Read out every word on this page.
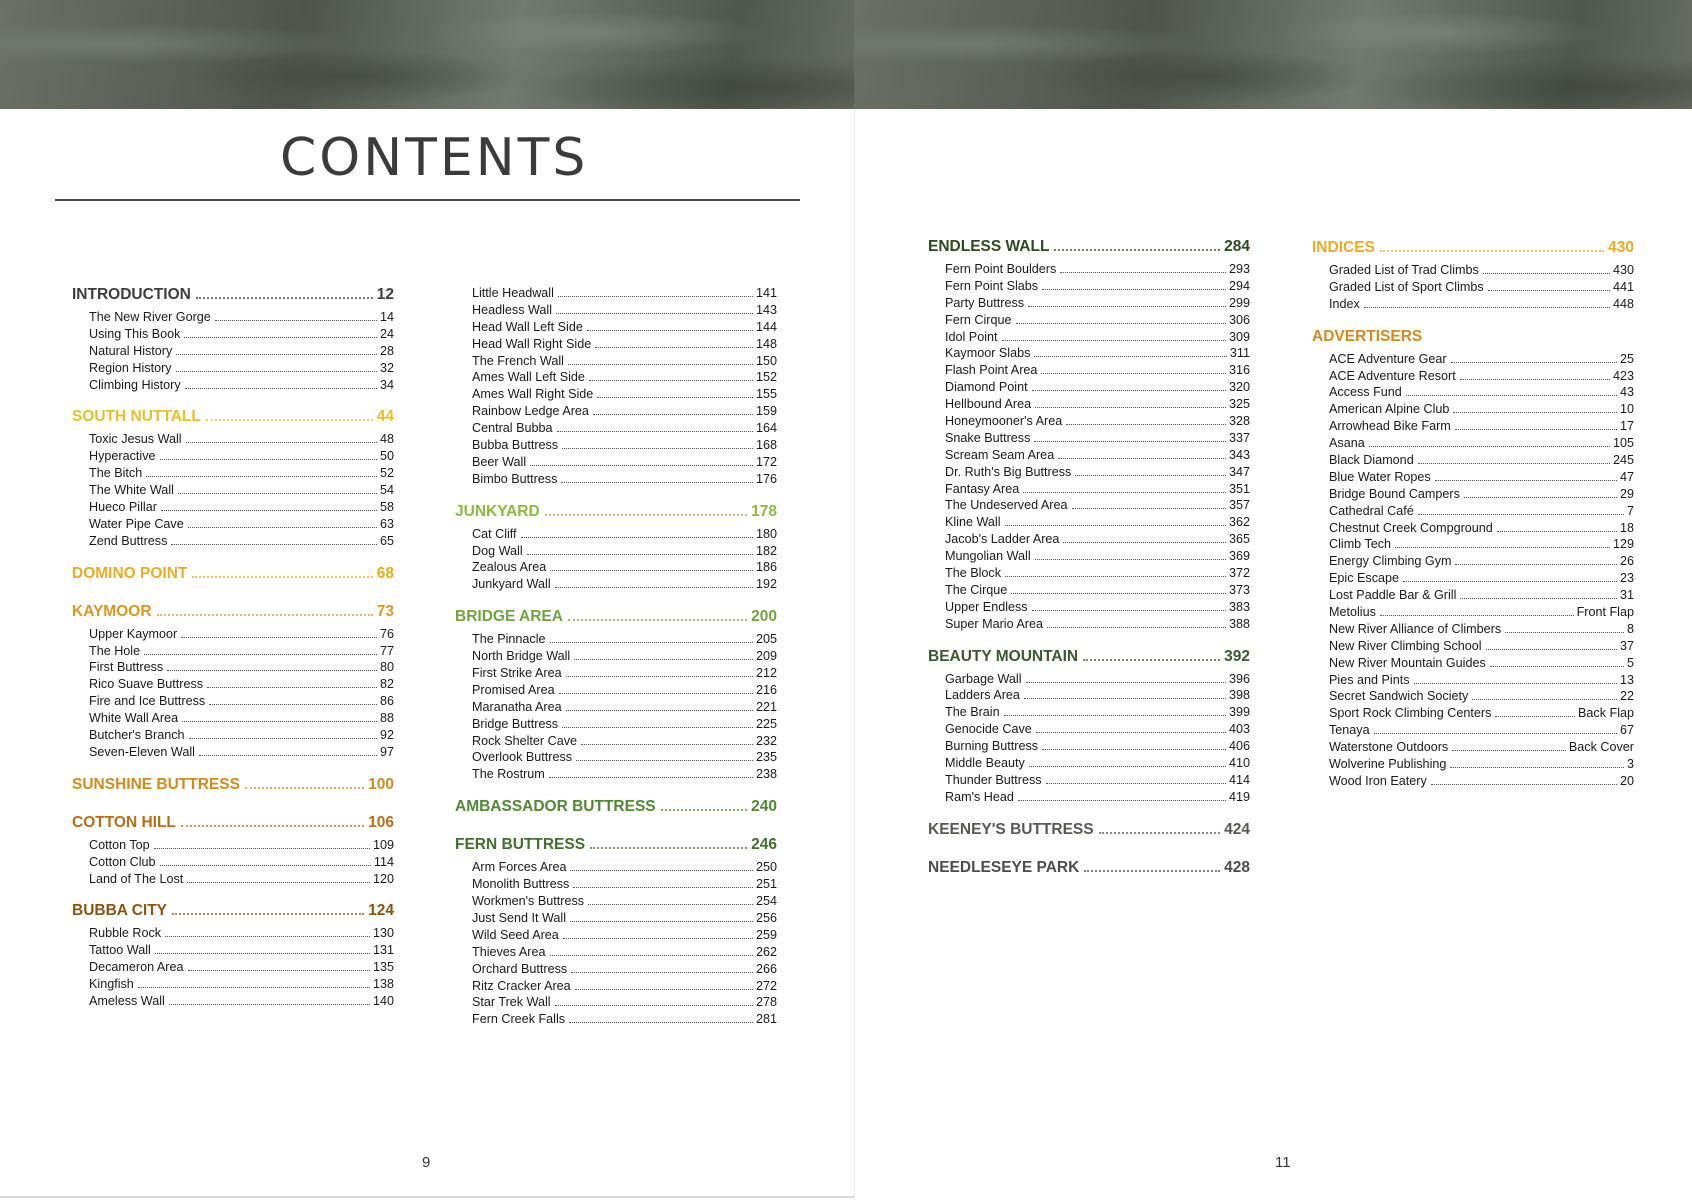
CONTENTS
INTRODUCTION	12
The New River Gorge	14
Using This Book	24
Natural History	28
Region History	32
Climbing History	34
SOUTH NUTTALL	44
Toxic Jesus Wall	48
Hyperactive	50
The Bitch	52
The White Wall	54
Hueco Pillar	58
Water Pipe Cave	63
Zend Buttress	65
DOMINO POINT	68
KAYMOOR	73
Upper Kaymoor	76
The Hole	77
First Buttress	80
Rico Suave Buttress	82
Fire and Ice Buttress	86
White Wall Area	88
Butcher's Branch	92
Seven-Eleven Wall	97
SUNSHINE BUTTRESS	100
COTTON HILL	106
Cotton Top	109
Cotton Club	114
Land of The Lost	120
BUBBA CITY	124
Rubble Rock	130
Tattoo Wall	131
Decameron Area	135
Kingfish	138
Ameless Wall	140
Little Headwall	141
Headless Wall	143
Head Wall Left Side	144
Head Wall Right Side	148
The French Wall	150
Ames Wall Left Side	152
Ames Wall Right Side	155
Rainbow Ledge Area	159
Central Bubba	164
Bubba Buttress	168
Beer Wall	172
Bimbo Buttress	176
JUNKYARD	178
Cat Cliff	180
Dog Wall	182
Zealous Area	186
Junkyard Wall	192
BRIDGE AREA	200
The Pinnacle	205
North Bridge Wall	209
First Strike Area	212
Promised Area	216
Maranatha Area	221
Bridge Buttress	225
Rock Shelter Cave	232
Overlook Buttress	235
The Rostrum	238
AMBASSADOR BUTTRESS	240
FERN BUTTRESS	246
Arm Forces Area	250
Monolith Buttress	251
Workmen's Buttress	254
Just Send It Wall	256
Wild Seed Area	259
Thieves Area	262
Orchard Buttress	266
Ritz Cracker Area	272
Star Trek Wall	278
Fern Creek Falls	281
ENDLESS WALL	284
Fern Point Boulders	293
Fern Point Slabs	294
Party Buttress	299
Fern Cirque	306
Idol Point	309
Kaymoor Slabs	311
Flash Point Area	316
Diamond Point	320
Hellbound Area	325
Honeymooner's Area	328
Snake Buttress	337
Scream Seam Area	343
Dr. Ruth's Big Buttress	347
Fantasy Area	351
The Undeserved Area	357
Kline Wall	362
Jacob's Ladder Area	365
Mungolian Wall	369
The Block	372
The Cirque	373
Upper Endless	383
Super Mario Area	388
BEAUTY MOUNTAIN	392
Garbage Wall	396
Ladders Area	398
The Brain	399
Genocide Cave	403
Burning Buttress	406
Middle Beauty	410
Thunder Buttress	414
Ram's Head	419
KEENEY'S BUTTRESS	424
NEEDLESEYE PARK	428
INDICES	430
Graded List of Trad Climbs	430
Graded List of Sport Climbs	441
Index	448
ADVERTISERS
ACE Adventure Gear	25
ACE Adventure Resort	423
Access Fund	43
American Alpine Club	10
Arrowhead Bike Farm	17
Asana	105
Black Diamond	245
Blue Water Ropes	47
Bridge Bound Campers	29
Cathedral Café	7
Chestnut Creek Compground	18
Climb Tech	129
Energy Climbing Gym	26
Epic Escape	23
Lost Paddle Bar & Grill	31
Metolius	Front Flap
New River Alliance of Climbers	8
New River Climbing School	37
New River Mountain Guides	5
Pies and Pints	13
Secret Sandwich Society	22
Sport Rock Climbing Centers	Back Flap
Tenaya	67
Waterstone Outdoors	Back Cover
Wolverine Publishing	3
Wood Iron Eatery	20
9	11
